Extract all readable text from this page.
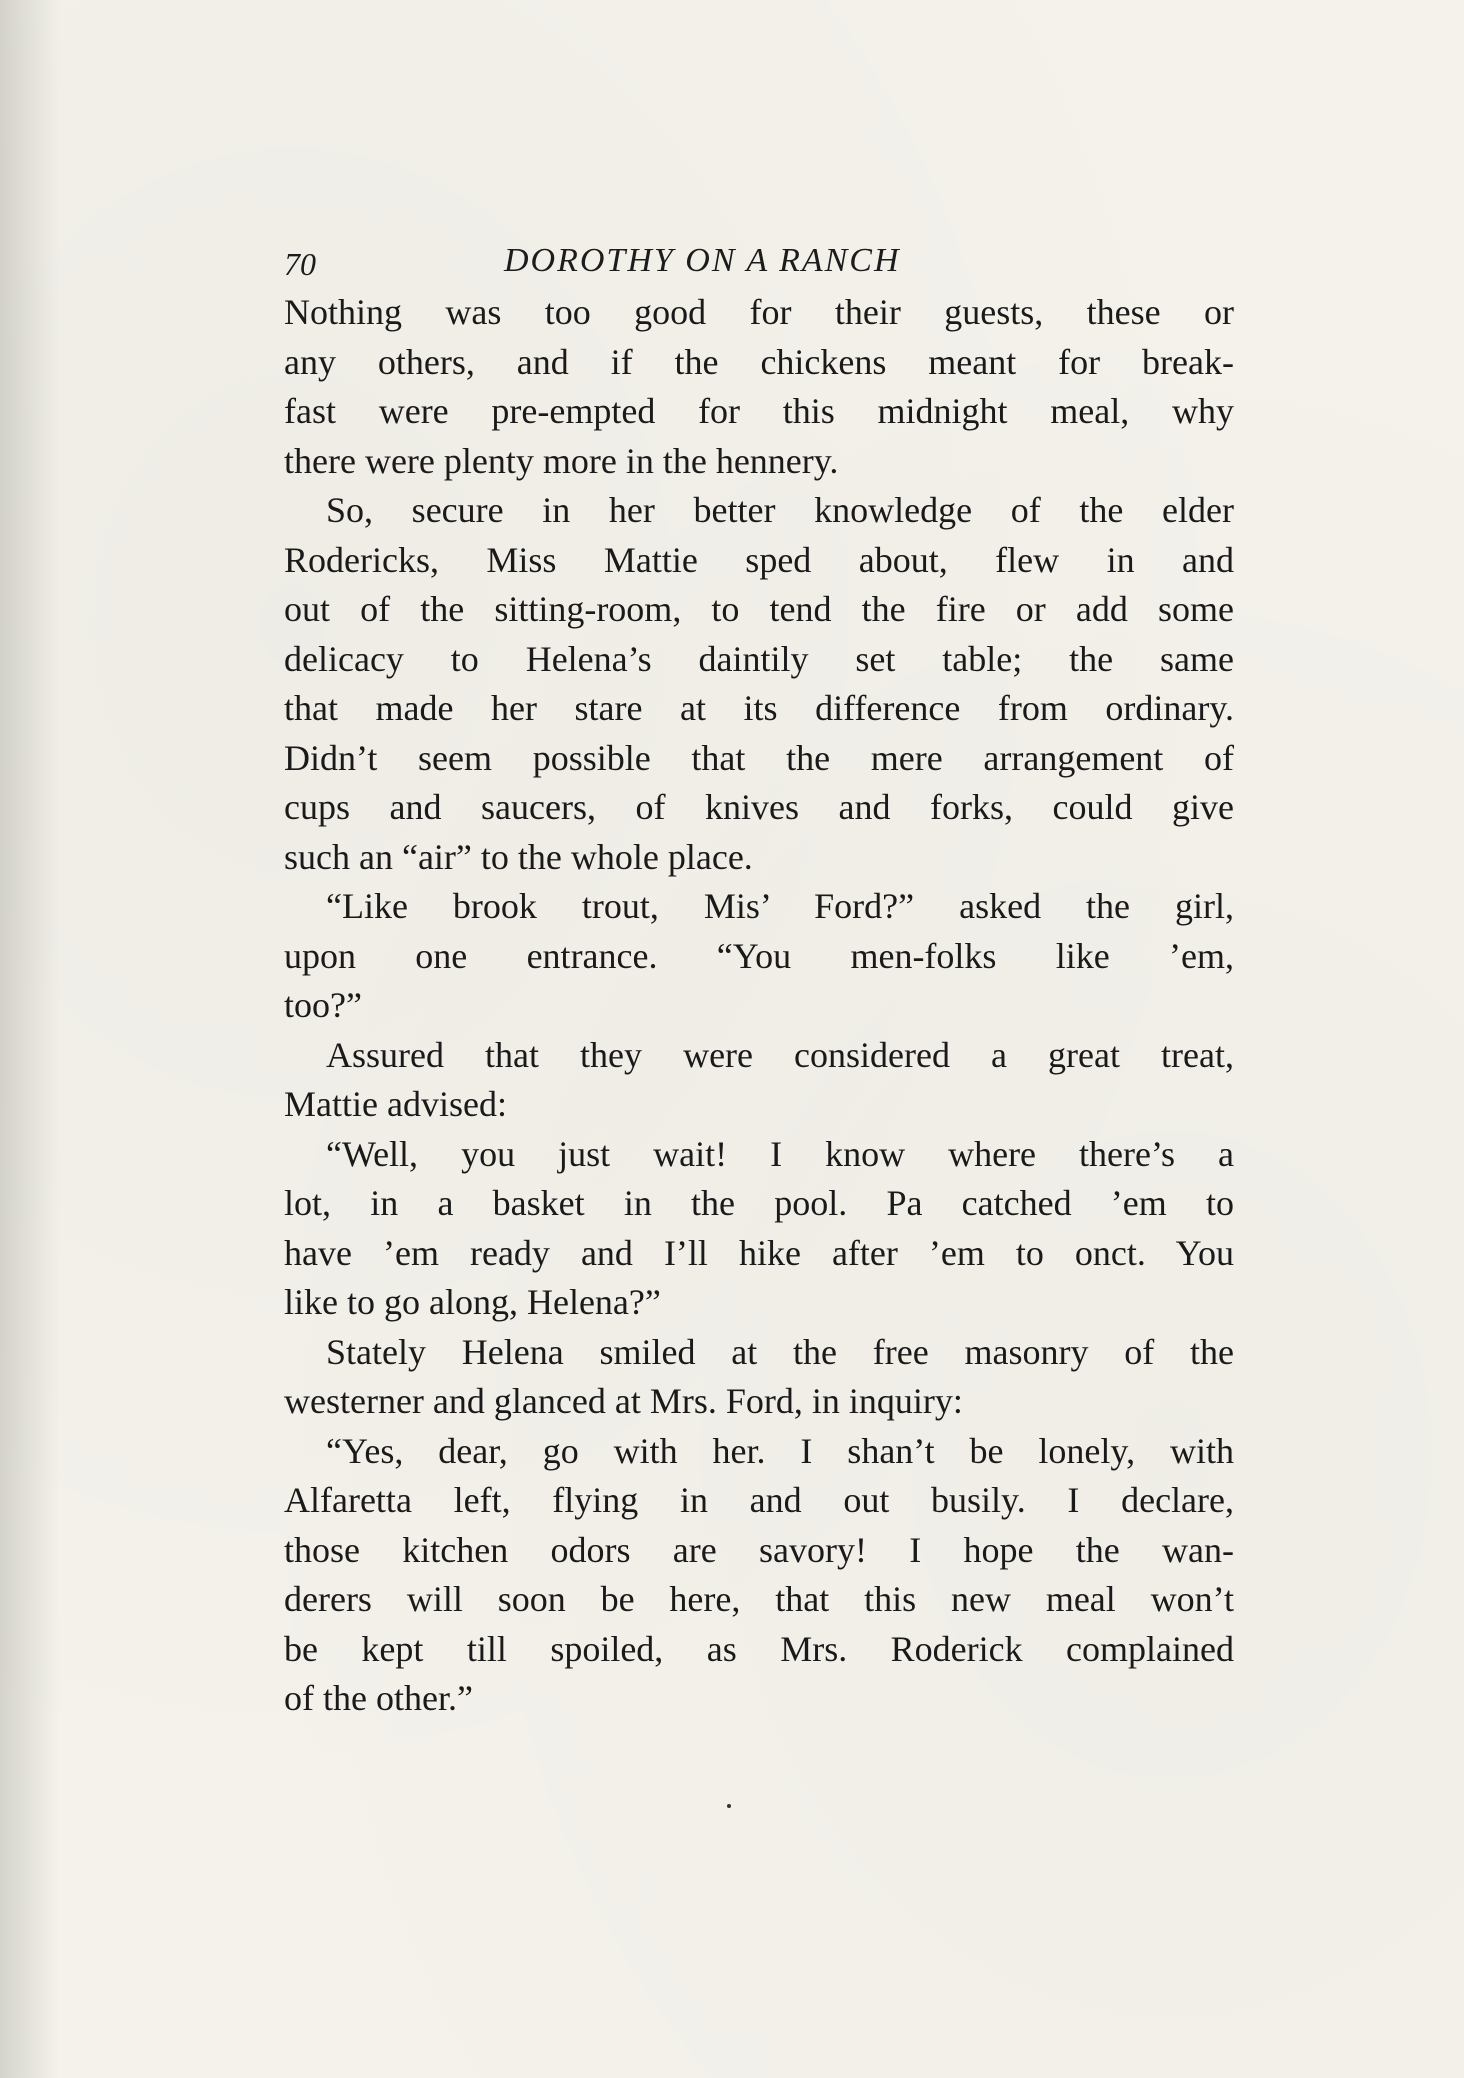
70	DOROTHY ON A RANCH
Nothing was too good for their guests, these or
any others, and if the chickens meant for break-
fast were pre-empted for this midnight meal, why
there were plenty more in the hennery.
So, secure in her better knowledge of the elder
Rodericks, Miss Mattie sped about, flew in and
out of the sitting-room, to tend the fire or add some
delicacy to Helena’s daintily set table; the same
that made her stare at its difference from ordinary.
Didn’t seem possible that the mere arrangement of
cups and saucers, of knives and forks, could give
such an “air” to the whole place.
“Like brook trout, Mis’ Ford?” asked the girl,
upon one entrance. “You men-folks like ’em,
too?”
Assured that they were considered a great treat,
Mattie advised:
“Well, you just wait! I know where there’s a
lot, in a basket in the pool. Pa catched ’em to
have ’em ready and I’ll hike after ’em to onct. You
like to go along, Helena?”
Stately Helena smiled at the free masonry of the
westerner and glanced at Mrs. Ford, in inquiry:
“Yes, dear, go with her. I shan’t be lonely, with
Alfaretta left, flying in and out busily. I declare,
those kitchen odors are savory! I hope the wan-
derers will soon be here, that this new meal won’t
be kept till spoiled, as Mrs. Roderick complained
of the other.”
